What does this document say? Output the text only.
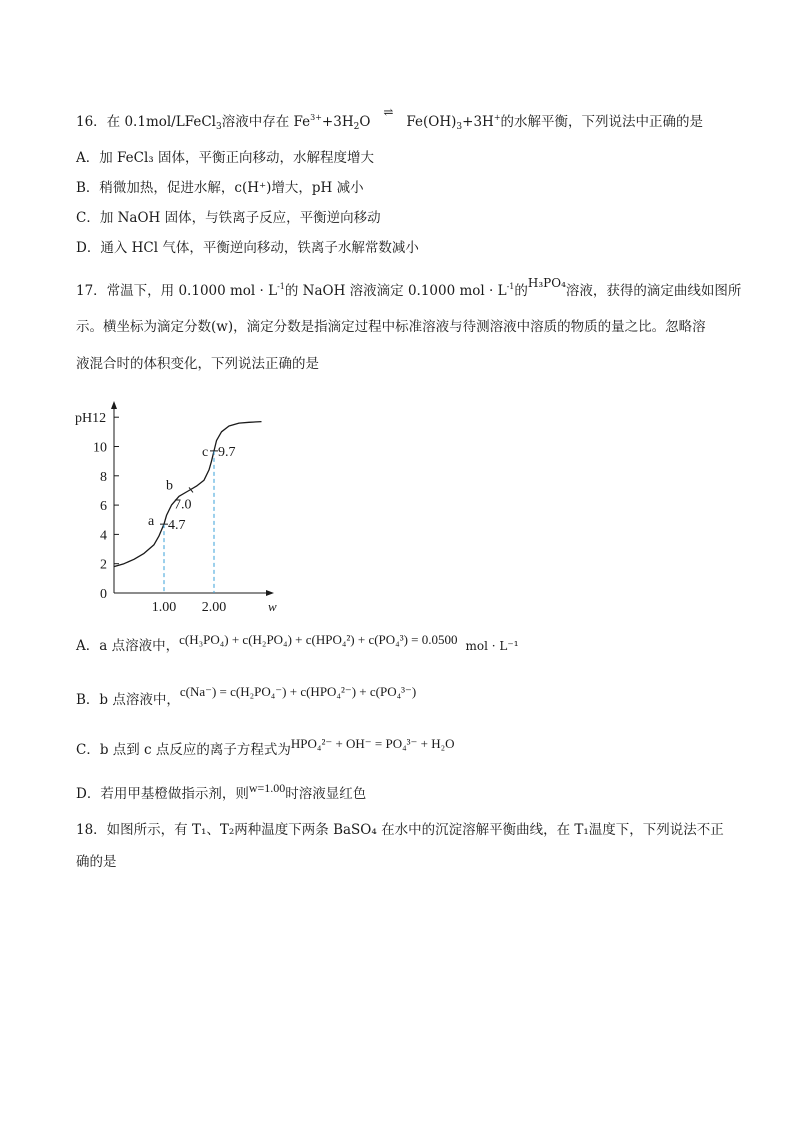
16．在 0.1mol/LFeCl$_3$溶液中存在 $Fe^{3+}+3H_2O\rightleftharpoons Fe(OH)_3+3H^+$的水解平衡，下列说法中正确的是
A．加 FeCl₃ 固体，平衡正向移动，水解程度增大
B．稍微加热，促进水解，c(H⁺)增大，pH 减小
C．加 NaOH 固体，与铁离子反应，平衡逆向移动
D．通入 HCl 气体，平衡逆向移动，铁离子水解常数减小
17．常温下，用 0.1000 mol · $L^{-1}$的 NaOH 溶液滴定 0.1000 mol · $L^{-1}$的H₃PO₄溶液，获得的滴定曲线如图所
示。横坐标为滴定分数(w)，滴定分数是指滴定过程中标准溶液与待测溶液中溶质的物质的量之比。忽略溶
液混合时的体积变化，下列说法正确的是
0
2
4
6
8
10
pH12
1.00 2.00	w
a 4.7
b
7.0
c 9.7
A．a 点溶液中，c(H₃PO₄) + c(H₂PO₄) + c(HPO₄²) + c(PO₄³) = 0.0500 mol · L⁻¹
B．b 点溶液中，c(Na⁻) = c(H₂PO₄⁻) + c(HPO₄²⁻) + c(PO₄³⁻)
C．b 点到 c 点反应的离子方程式为HPO₄²⁻ + OH⁻ = PO₄³⁻ + H₂O
D．若用甲基橙做指示剂，则w=1.00时溶液显红色
18．如图所示，有 T₁、T₂两种温度下两条 BaSO₄ 在水中的沉淀溶解平衡曲线，在 T₁温度下，下列说法不正
确的是
